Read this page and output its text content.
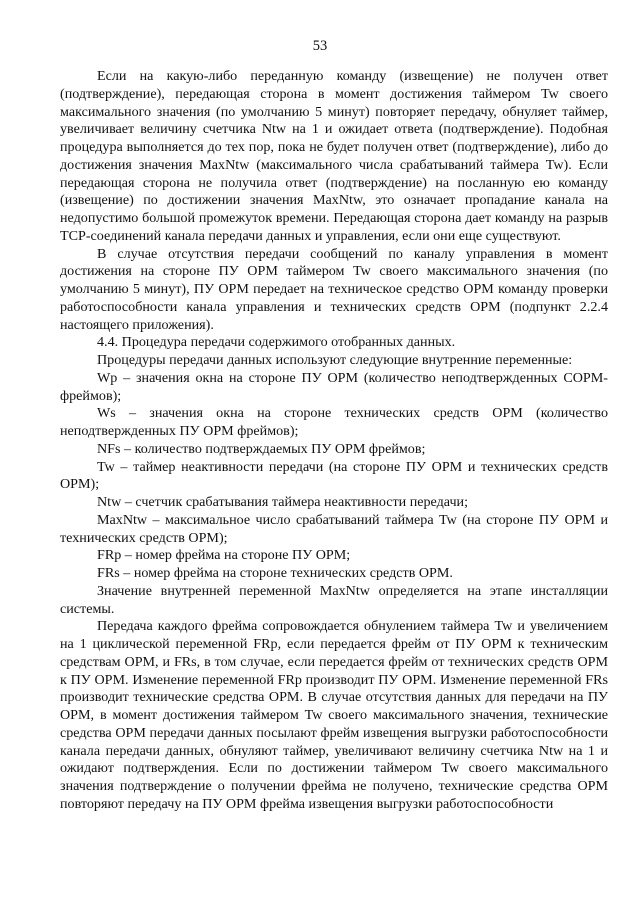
53

Если на какую-либо переданную команду (извещение) не получен ответ (подтверждение), передающая сторона в момент достижения таймером Tw своего максимального значения (по умолчанию 5 минут) повторяет передачу, обнуляет таймер, увеличивает величину счетчика Ntw на 1 и ожидает ответа (подтверждение). Подобная процедура выполняется до тех пор, пока не будет получен ответ (подтверждение), либо до достижения значения MaxNtw (максимального числа срабатываний таймера Tw). Если передающая сторона не получила ответ (подтверждение) на посланную ею команду (извещение) по достижении значения MaxNtw, это означает пропадание канала на недопустимо большой промежуток времени. Передающая сторона дает команду на разрыв TCP-соединений канала передачи данных и управления, если они еще существуют.

В случае отсутствия передачи сообщений по каналу управления в момент достижения на стороне ПУ ОРМ таймером Tw своего максимального значения (по умолчанию 5 минут), ПУ ОРМ передает на техническое средство ОРМ команду проверки работоспособности канала управления и технических средств ОРМ (подпункт 2.2.4 настоящего приложения).

4.4. Процедура передачи содержимого отобранных данных.

Процедуры передачи данных используют следующие внутренние переменные:

Wp – значения окна на стороне ПУ ОРМ (количество неподтвержденных СОРМ-фреймов);

Ws – значения окна на стороне технических средств ОРМ (количество неподтвержденных ПУ ОРМ фреймов);

NFs – количество подтверждаемых ПУ ОРМ фреймов;

Tw – таймер неактивности передачи (на стороне ПУ ОРМ и технических средств ОРМ);

Ntw – счетчик срабатывания таймера неактивности передачи;

MaxNtw – максимальное число срабатываний таймера Tw (на стороне ПУ ОРМ и технических средств ОРМ);

FRp – номер фрейма на стороне ПУ ОРМ;

FRs – номер фрейма на стороне технических средств ОРМ.

Значение внутренней переменной MaxNtw определяется на этапе инсталляции системы.

Передача каждого фрейма сопровождается обнулением таймера Tw и увеличением на 1 циклической переменной FRp, если передается фрейм от ПУ ОРМ к техническим средствам ОРМ, и FRs, в том случае, если передается фрейм от технических средств ОРМ к ПУ ОРМ. Изменение переменной FRp производит ПУ ОРМ. Изменение переменной FRs производит технические средства ОРМ. В случае отсутствия данных для передачи на ПУ ОРМ, в момент достижения таймером Tw своего максимального значения, технические средства ОРМ передачи данных посылают фрейм извещения выгрузки работоспособности канала передачи данных, обнуляют таймер, увеличивают величину счетчика Ntw на 1 и ожидают подтверждения. Если по достижении таймером Tw своего максимального значения подтверждение о получении фрейма не получено, технические средства ОРМ повторяют передачу на ПУ ОРМ фрейма извещения выгрузки работоспособности
